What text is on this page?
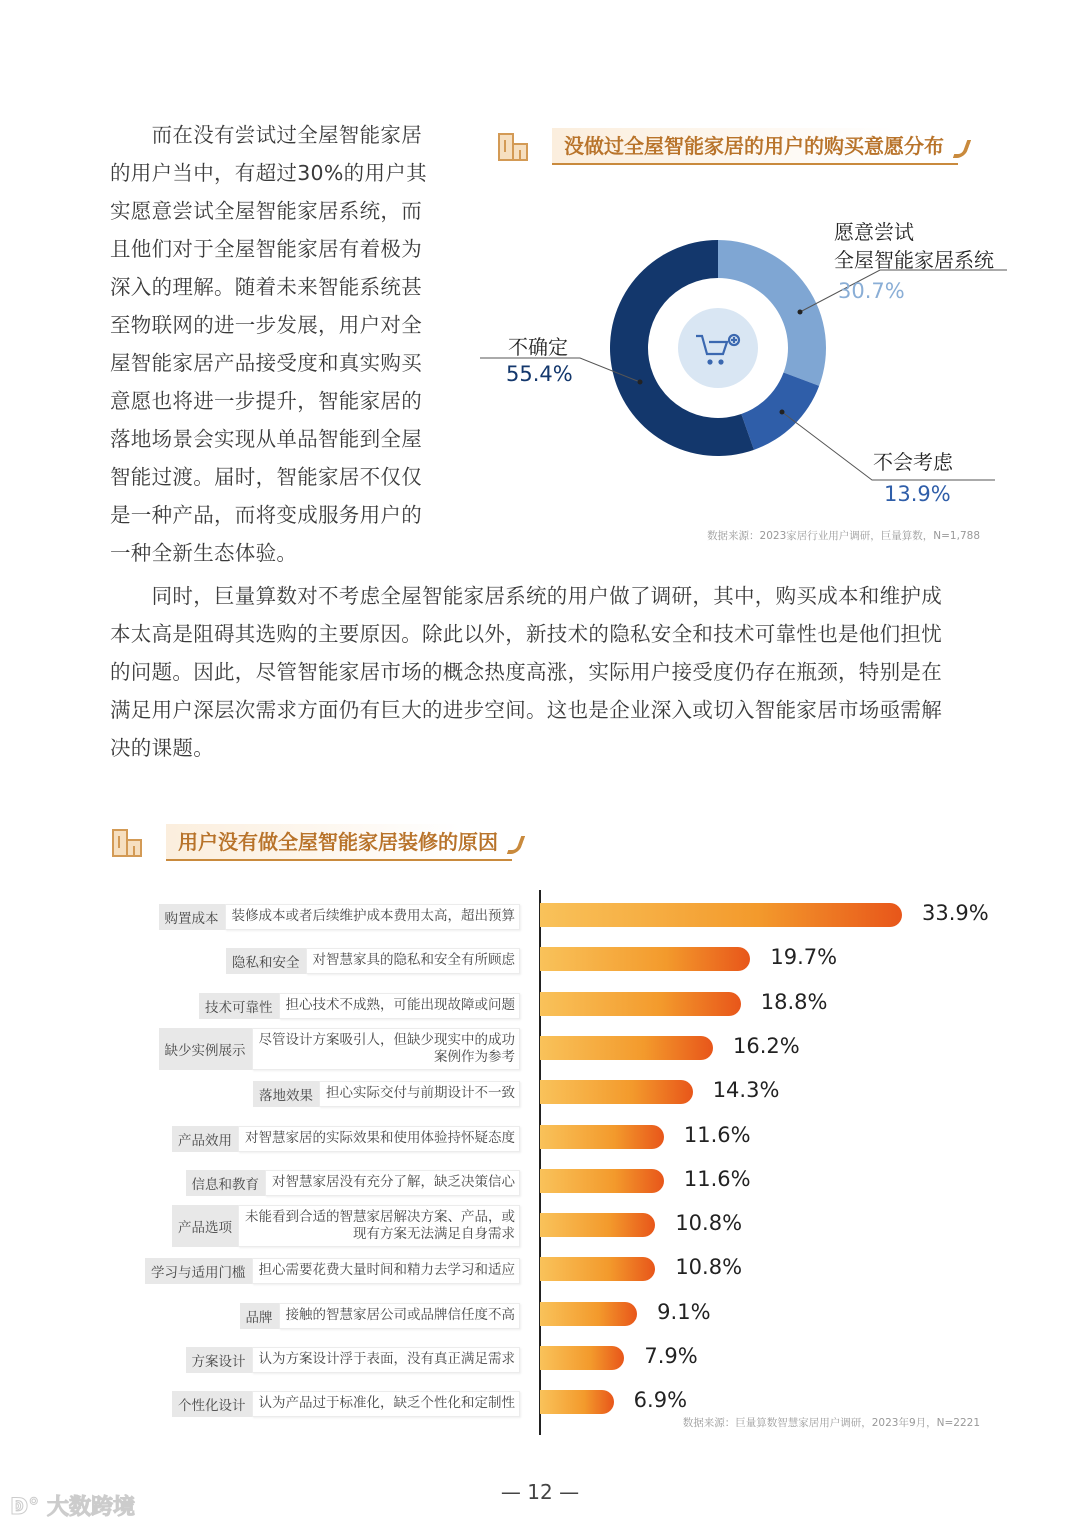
　　而在没有尝试过全屋智能家居
的用户当中，有超过30%的用户其
实愿意尝试全屋智能家居系统，而
且他们对于全屋智能家居有着极为
深入的理解。随着未来智能系统甚
至物联网的进一步发展，用户对全
屋智能家居产品接受度和真实购买
意愿也将进一步提升，智能家居的
落地场景会实现从单品智能到全屋
智能过渡。届时，智能家居不仅仅
是一种产品，而将变成服务用户的
一种全新生态体验。
　　同时，巨量算数对不考虑全屋智能家居系统的用户做了调研，其中，购买成本和维护成
本太高是阻碍其选购的主要原因。除此以外，新技术的隐私安全和技术可靠性也是他们担忧
的问题。因此，尽管智能家居市场的概念热度高涨，实际用户接受度仍存在瓶颈，特别是在
满足用户深层次需求方面仍有巨大的进步空间。这也是企业深入或切入智能家居市场亟需解
决的课题。
没做过全屋智能家居的用户的购买意愿分布
愿意尝试
全屋智能家居系统
30.7%
不会考虑
13.9%
不确定
55.4%
数据来源：2023家居行业用户调研，巨量算数，N=1,788
用户没有做全屋智能家居装修的原因
购置成本 装修成本或者后续维护成本费用太高，超出预算	33.9%
隐私和安全 对智慧家具的隐私和安全有所顾虑	19.7%
技术可靠性 担心技术不成熟，可能出现故障或问题	18.8%
缺少实例展示
尽管设计方案吸引人，但缺少现实中的成功
案例作为参考	16.2%
落地效果 担心实际交付与前期设计不一致	14.3%
产品效用 对智慧家居的实际效果和使用体验持怀疑态度	11.6%
信息和教育 对智慧家居没有充分了解，缺乏决策信心	11.6%
产品选项
未能看到合适的智慧家居解决方案、产品，或
现有方案无法满足自身需求	10.8%
学习与适用门槛 担心需要花费大量时间和精力去学习和适应	10.8%
品牌 接触的智慧家居公司或品牌信任度不高	9.1%
方案设计 认为方案设计浮于表面，没有真正满足需求	7.9%
个性化设计 认为产品过于标准化，缺乏个性化和定制性	6.9%
数据来源：巨量算数智慧家居用户调研，2023年9月，N=2221
— 12 —
ↁ° 大数跨境
